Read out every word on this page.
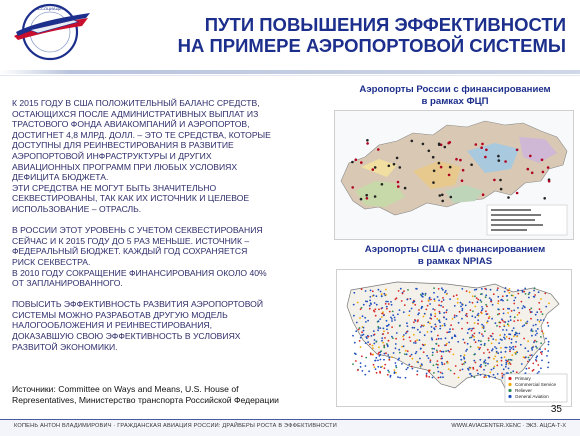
АССОЦИАЦИЯ
ПУТИ ПОВЫШЕНИЯ ЭФФЕКТИВНОСТИ
НА ПРИМЕРЕ АЭРОПОРТОВОЙ СИСТЕМЫ

К 2015 ГОДУ В США ПОЛОЖИТЕЛЬНЫЙ БАЛАНС СРЕДСТВ,
ОСТАЮЩИХСЯ ПОСЛЕ АДМИНИСТРАТИВНЫХ ВЫПЛАТ ИЗ
ТРАСТОВОГО ФОНДА АВИАКОМПАНИЙ И АЭРОПОРТОВ,
ДОСТИГНЕТ 4,8 МЛРД. ДОЛЛ. – ЭТО ТЕ СРЕДСТВА, КОТОРЫЕ
ДОСТУПНЫ ДЛЯ РЕИНВЕСТИРОВАНИЯ В РАЗВИТИЕ
АЭРОПОРТОВОЙ ИНФРАСТРУКТУРЫ И ДРУГИХ
АВИАЦИОННЫХ ПРОГРАММ ПРИ ЛЮБЫХ УСЛОВИЯХ
ДЕФИЦИТА БЮДЖЕТА.
ЭТИ СРЕДСТВА НЕ МОГУТ БЫТЬ ЗНАЧИТЕЛЬНО
СЕКВЕСТИРОВАНЫ, ТАК КАК ИХ ИСТОЧНИК И ЦЕЛЕВОЕ
ИСПОЛЬЗОВАНИЕ – ОТРАСЛЬ.

В РОССИИ ЭТОТ УРОВЕНЬ С УЧЕТОМ СЕКВЕСТИРОВАНИЯ
СЕЙЧАС И К 2015 ГОДУ ДО 5 РАЗ МЕНЬШЕ. ИСТОЧНИК –
ФЕДЕРАЛЬНЫЙ БЮДЖЕТ. КАЖДЫЙ ГОД СОХРАНЯЕТСЯ
РИСК СЕКВЕСТРА.
В 2010 ГОДУ СОКРАЩЕНИЕ ФИНАНСИРОВАНИЯ ОКОЛО 40%
ОТ ЗАПЛАНИРОВАННОГО.

ПОВЫСИТЬ ЭФФЕКТИВНОСТЬ РАЗВИТИЯ АЭРОПОРТОВОЙ
СИСТЕМЫ МОЖНО РАЗРАБОТАВ ДРУГУЮ МОДЕЛЬ
НАЛОГООБЛОЖЕНИЯ И РЕИНВЕСТИРОВАНИЯ,
ДОКАЗАВШУЮ СВОЮ ЭФФЕКТИВНОСТЬ В УСЛОВИЯХ
РАЗВИТОЙ ЭКОНОМИКИ.

Источники: Committee on Ways and Means, U.S. House of
Representatives, Министерство транспорта Российской Федерации
Аэропорты России с финансированием
в рамках ФЦП
Аэропорты США с финансированием
в рамках NPIAS
Primary
Commercial Service
Reliever
General Aviation
35
КОПЕНЬ АНТОН ВЛАДИМИРОВИЧ · ГРАЖДАНСКАЯ АВИАЦИЯ РОССИИ: ДРАЙВЕРЫ РОСТА В ЭФФЕКТИВНОСТИ	WWW.AVIACENTER.XENC · ЭКЗ. АЦСА-Т-Х
